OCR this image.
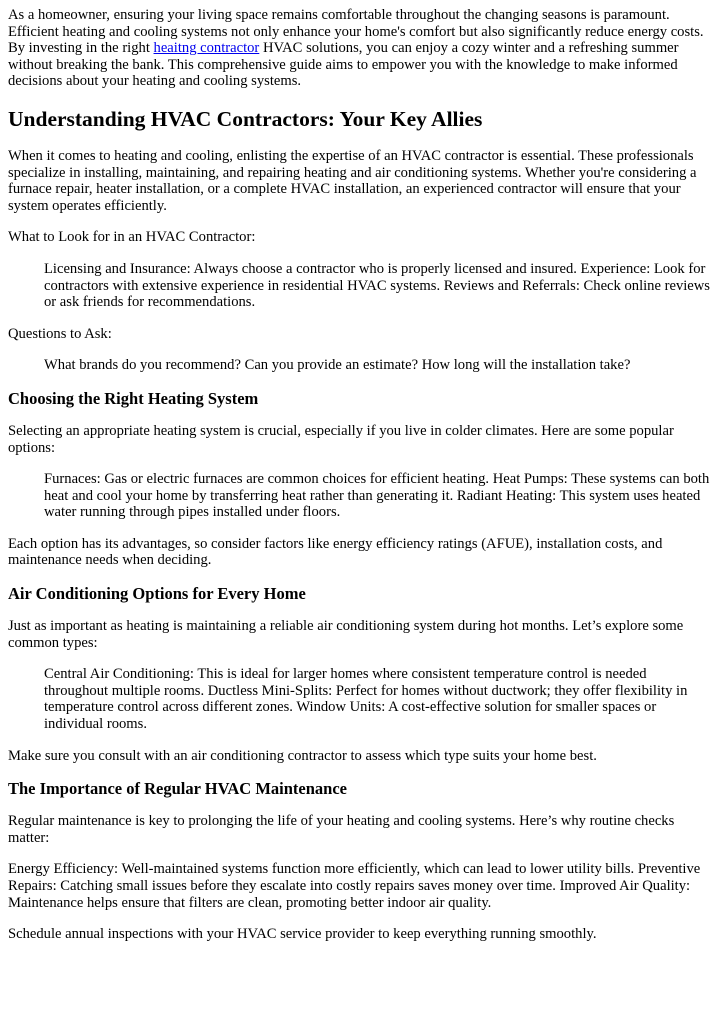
As a homeowner, ensuring your living space remains comfortable throughout the changing seasons is paramount. Efficient heating and cooling systems not only enhance your home's comfort but also significantly reduce energy costs. By investing in the right heaitng contractor HVAC solutions, you can enjoy a cozy winter and a refreshing summer without breaking the bank. This comprehensive guide aims to empower you with the knowledge to make informed decisions about your heating and cooling systems.

Understanding HVAC Contractors: Your Key Allies

When it comes to heating and cooling, enlisting the expertise of an HVAC contractor is essential. These professionals specialize in installing, maintaining, and repairing heating and air conditioning systems. Whether you're considering a furnace repair, heater installation, or a complete HVAC installation, an experienced contractor will ensure that your system operates efficiently.

What to Look for in an HVAC Contractor:

Licensing and Insurance: Always choose a contractor who is properly licensed and insured. Experience: Look for contractors with extensive experience in residential HVAC systems. Reviews and Referrals: Check online reviews or ask friends for recommendations.

Questions to Ask:

What brands do you recommend? Can you provide an estimate? How long will the installation take?

Choosing the Right Heating System

Selecting an appropriate heating system is crucial, especially if you live in colder climates. Here are some popular options:

Furnaces: Gas or electric furnaces are common choices for efficient heating. Heat Pumps: These systems can both heat and cool your home by transferring heat rather than generating it. Radiant Heating: This system uses heated water running through pipes installed under floors.

Each option has its advantages, so consider factors like energy efficiency ratings (AFUE), installation costs, and maintenance needs when deciding.

Air Conditioning Options for Every Home

Just as important as heating is maintaining a reliable air conditioning system during hot months. Let’s explore some common types:

Central Air Conditioning: This is ideal for larger homes where consistent temperature control is needed throughout multiple rooms. Ductless Mini-Splits: Perfect for homes without ductwork; they offer flexibility in temperature control across different zones. Window Units: A cost-effective solution for smaller spaces or individual rooms.

Make sure you consult with an air conditioning contractor to assess which type suits your home best.

The Importance of Regular HVAC Maintenance

Regular maintenance is key to prolonging the life of your heating and cooling systems. Here’s why routine checks matter:

Energy Efficiency: Well-maintained systems function more efficiently, which can lead to lower utility bills. Preventive Repairs: Catching small issues before they escalate into costly repairs saves money over time. Improved Air Quality: Maintenance helps ensure that filters are clean, promoting better indoor air quality.

Schedule annual inspections with your HVAC service provider to keep everything running smoothly.
